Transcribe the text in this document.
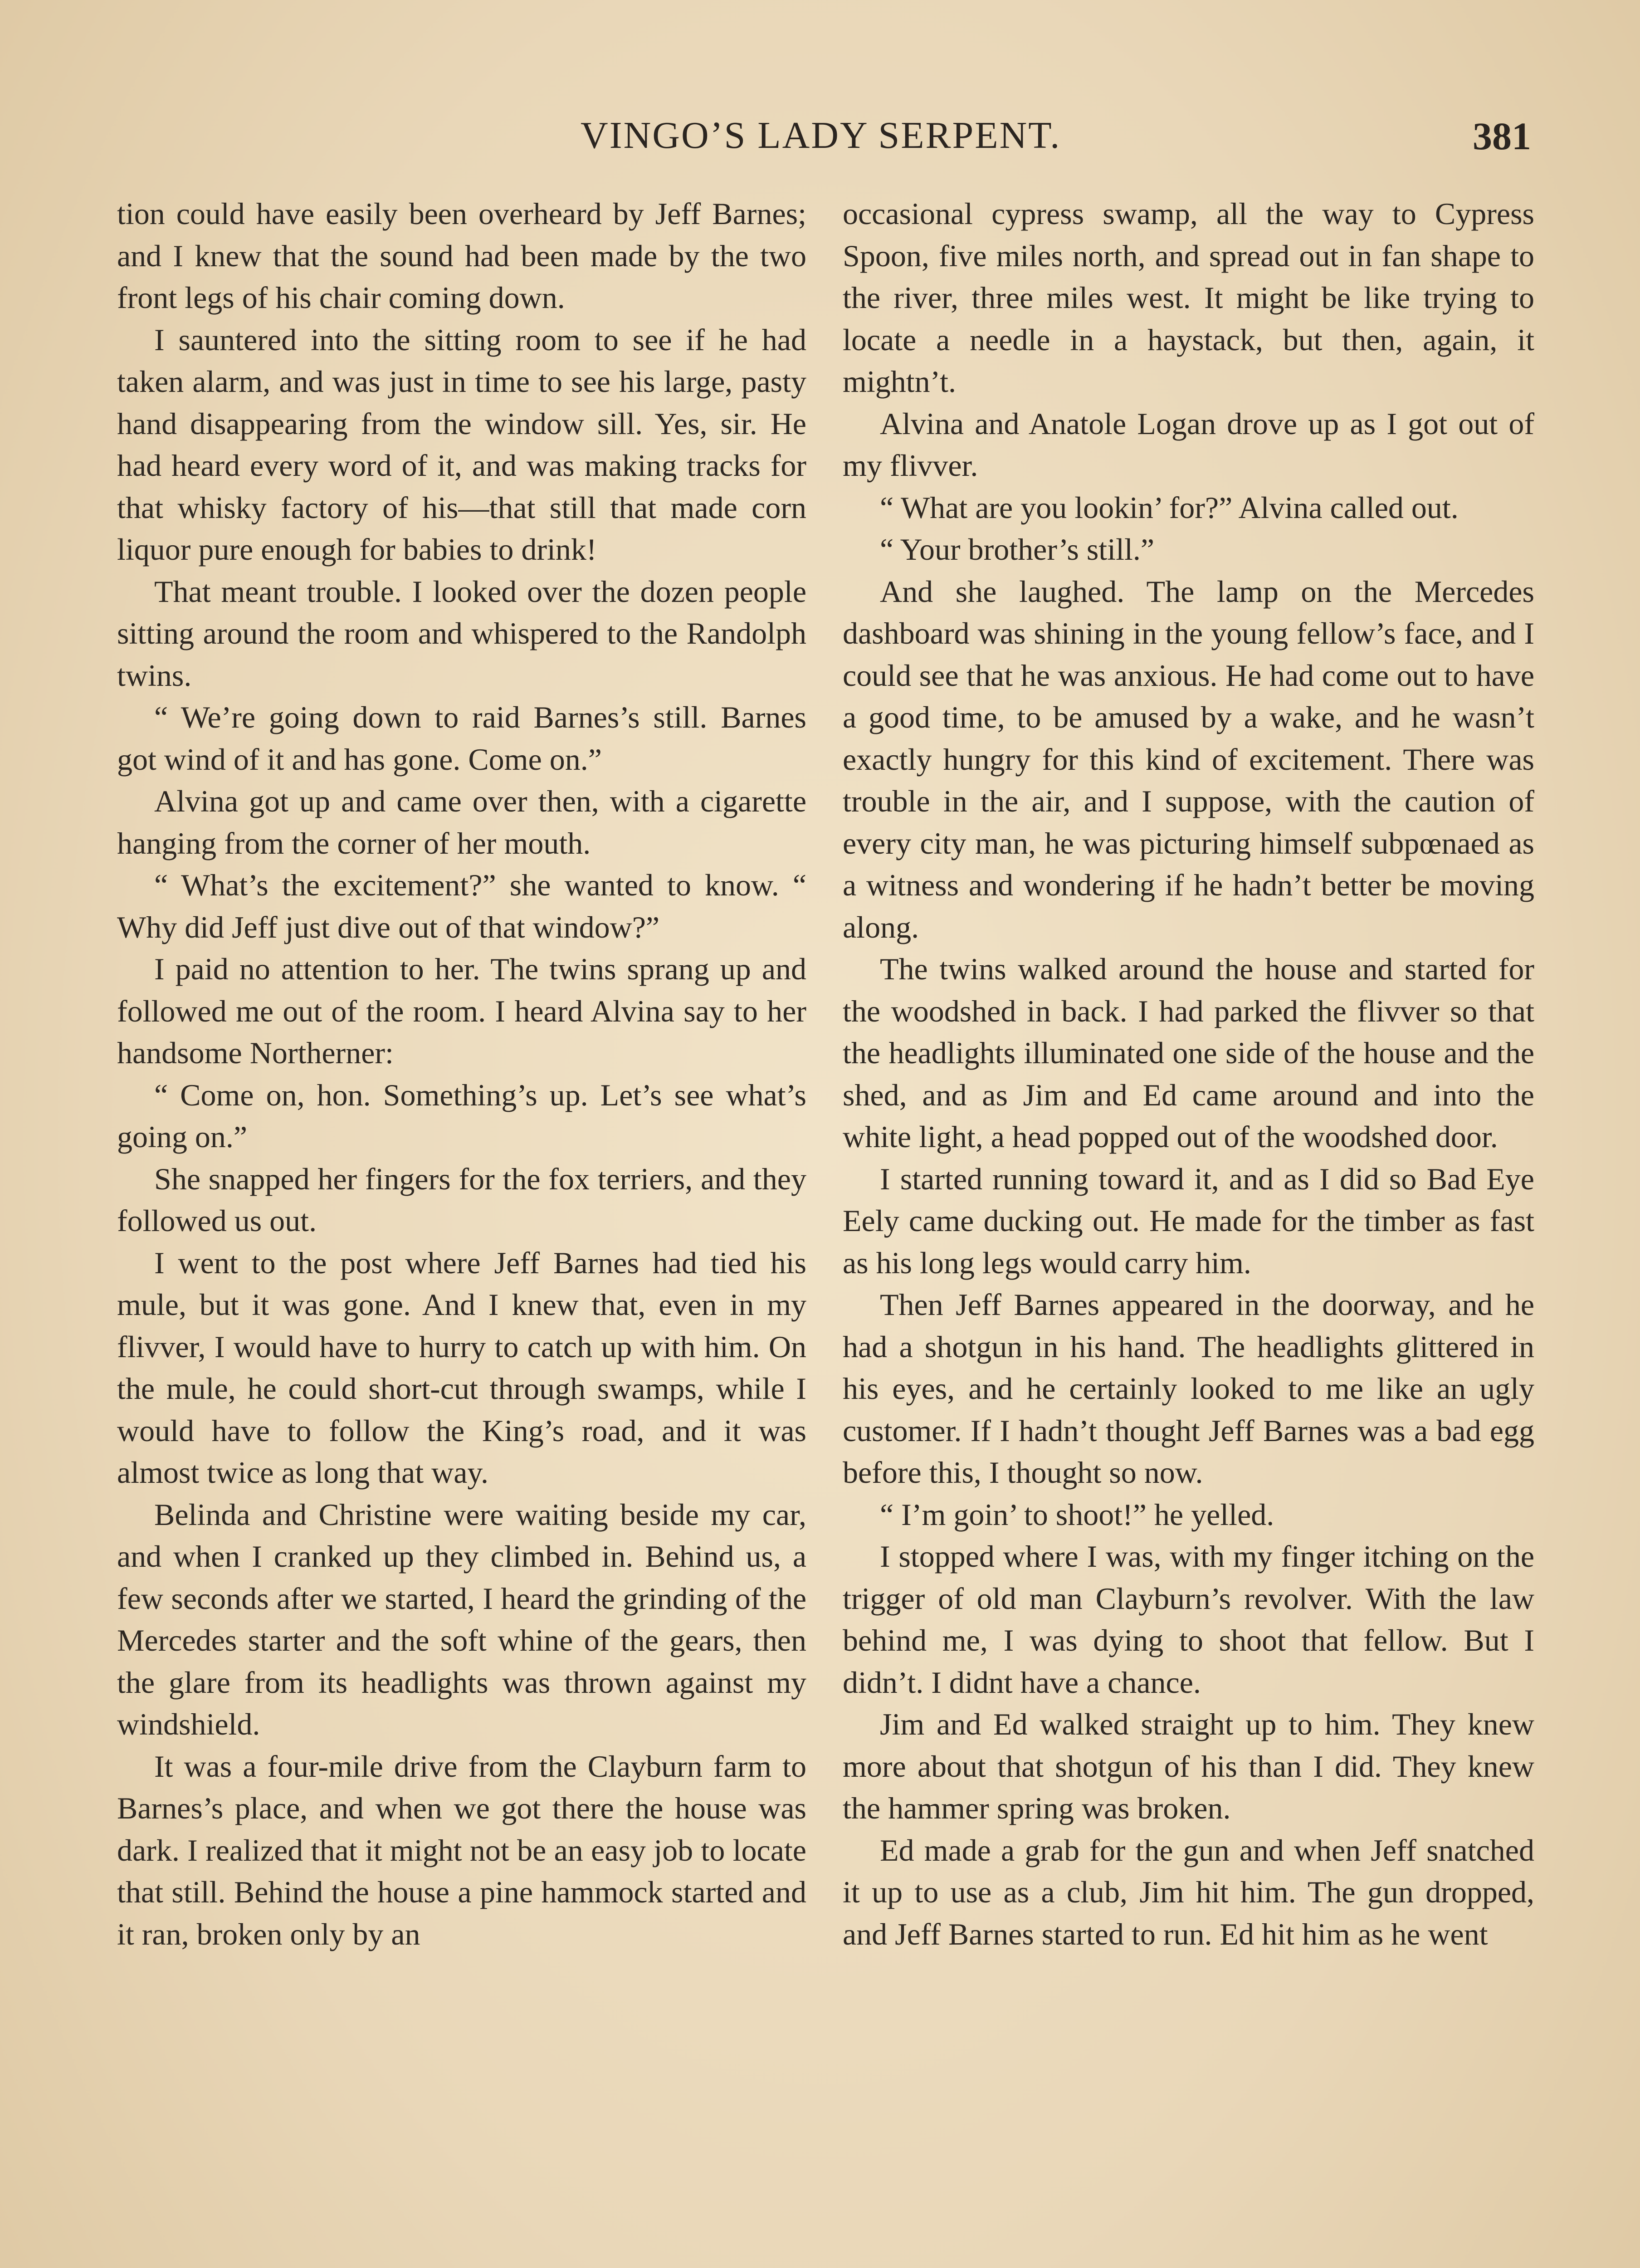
VINGO’S LADY SERPENT.	381

tion could have easily been overheard by Jeff Barnes; and I knew that the sound had been made by the two front legs of his chair coming down.

I sauntered into the sitting room to see if he had taken alarm, and was just in time to see his large, pasty hand disappearing from the window sill. Yes, sir. He had heard every word of it, and was making tracks for that whisky factory of his—that still that made corn liquor pure enough for babies to drink!

That meant trouble. I looked over the dozen people sitting around the room and whispered to the Randolph twins.

“ We’re going down to raid Barnes’s still. Barnes got wind of it and has gone. Come on.”

Alvina got up and came over then, with a cigarette hanging from the corner of her mouth.

“ What’s the excitement?” she wanted to know. “ Why did Jeff just dive out of that window?”

I paid no attention to her. The twins sprang up and followed me out of the room. I heard Alvina say to her handsome Northerner:

“ Come on, hon. Something’s up. Let’s see what’s going on.”

She snapped her fingers for the fox terriers, and they followed us out.

I went to the post where Jeff Barnes had tied his mule, but it was gone. And I knew that, even in my flivver, I would have to hurry to catch up with him. On the mule, he could short-cut through swamps, while I would have to follow the King’s road, and it was almost twice as long that way.

Belinda and Christine were waiting beside my car, and when I cranked up they climbed in. Behind us, a few seconds after we started, I heard the grinding of the Mercedes starter and the soft whine of the gears, then the glare from its headlights was thrown against my windshield.

It was a four-mile drive from the Clayburn farm to Barnes’s place, and when we got there the house was dark. I realized that it might not be an easy job to locate that still. Behind the house a pine hammock started and it ran, broken only by an

occasional cypress swamp, all the way to Cypress Spoon, five miles north, and spread out in fan shape to the river, three miles west. It might be like trying to locate a needle in a haystack, but then, again, it mightn’t.

Alvina and Anatole Logan drove up as I got out of my flivver.

“ What are you lookin’ for?” Alvina called out.

“ Your brother’s still.”

And she laughed. The lamp on the Mercedes dashboard was shining in the young fellow’s face, and I could see that he was anxious. He had come out to have a good time, to be amused by a wake, and he wasn’t exactly hungry for this kind of excitement. There was trouble in the air, and I suppose, with the caution of every city man, he was picturing himself subpœnaed as a witness and wondering if he hadn’t better be moving along.

The twins walked around the house and started for the woodshed in back. I had parked the flivver so that the headlights illuminated one side of the house and the shed, and as Jim and Ed came around and into the white light, a head popped out of the woodshed door.

I started running toward it, and as I did so Bad Eye Eely came ducking out. He made for the timber as fast as his long legs would carry him.

Then Jeff Barnes appeared in the doorway, and he had a shotgun in his hand. The headlights glittered in his eyes, and he certainly looked to me like an ugly customer. If I hadn’t thought Jeff Barnes was a bad egg before this, I thought so now.

“ I’m goin’ to shoot!” he yelled.

I stopped where I was, with my finger itching on the trigger of old man Clayburn’s revolver. With the law behind me, I was dying to shoot that fellow. But I didn’t. I didnt have a chance.

Jim and Ed walked straight up to him. They knew more about that shotgun of his than I did. They knew the hammer spring was broken.

Ed made a grab for the gun and when Jeff snatched it up to use as a club, Jim hit him. The gun dropped, and Jeff Barnes started to run. Ed hit him as he went
